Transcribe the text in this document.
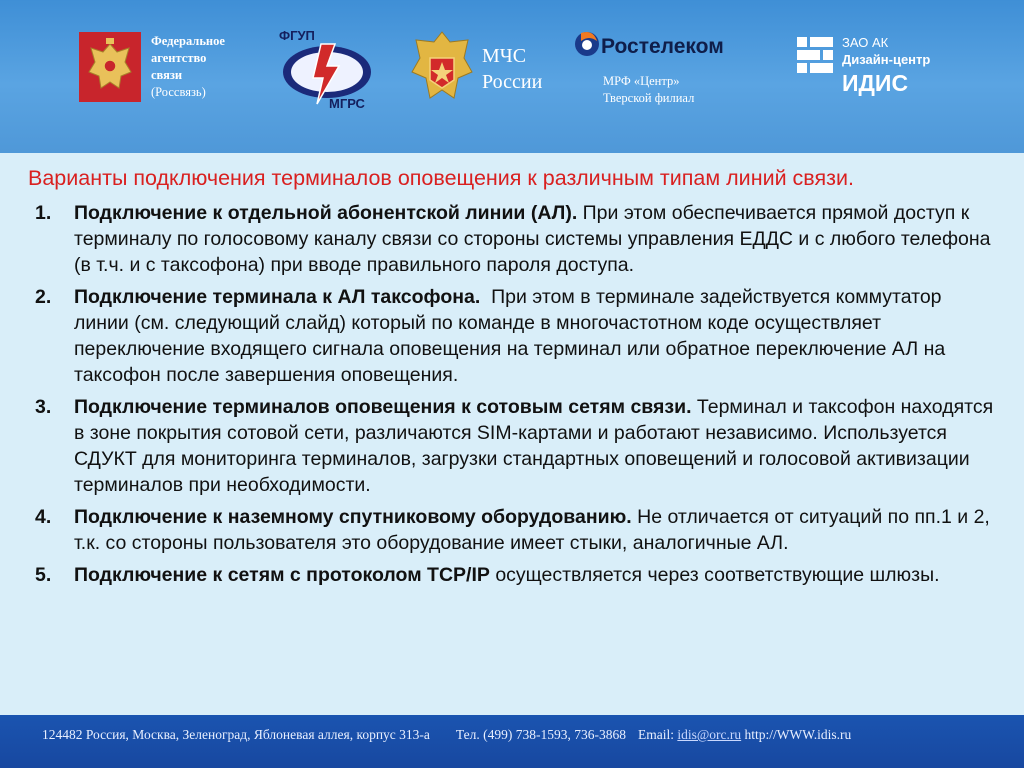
Федеральное
агентство
связи
(Россвязь)
ФГУП
МГРС
МЧС
России
Ростелеком
МРФ «Центр»
Тверской филиал
ЗАО АК
Дизайн-центр
ИДИС
Варианты подключения терминалов оповещения к различным типам линий связи.
1. Подключение к отдельной абонентской линии (АЛ). При этом обеспечивается прямой доступ к терминалу по голосовому каналу связи со стороны системы управления ЕДДС и с любого телефона (в т.ч. и с таксофона) при вводе правильного пароля доступа.
2. Подключение терминала к АЛ таксофона.  При этом в терминале задействуется коммутатор линии (см. следующий слайд) который по команде в многочастотном коде осуществляет переключение входящего сигнала оповещения на терминал или обратное переключение АЛ на таксофон после завершения оповещения.
3. Подключение терминалов оповещения к сотовым сетям связи. Терминал и таксофон находятся в зоне покрытия сотовой сети, различаются SIM-картами и работают независимо. Используется СДУКТ для мониторинга терминалов, загрузки стандартных оповещений и голосовой активизации терминалов при необходимости.
4. Подключение к наземному спутниковому оборудованию. Не отличается от ситуаций по пп.1 и 2, т.к. со стороны пользователя это оборудование имеет стыки, аналогичные АЛ.
5. Подключение к сетям с протоколом TCP/IP осуществляется через соответствующие шлюзы.
124482 Россия, Москва, Зеленоград, Яблоневая аллея, корпус 313-а Тел. (499) 738-1593, 736-3868 Email: idis@orc.ru http://WWW.idis.ru
